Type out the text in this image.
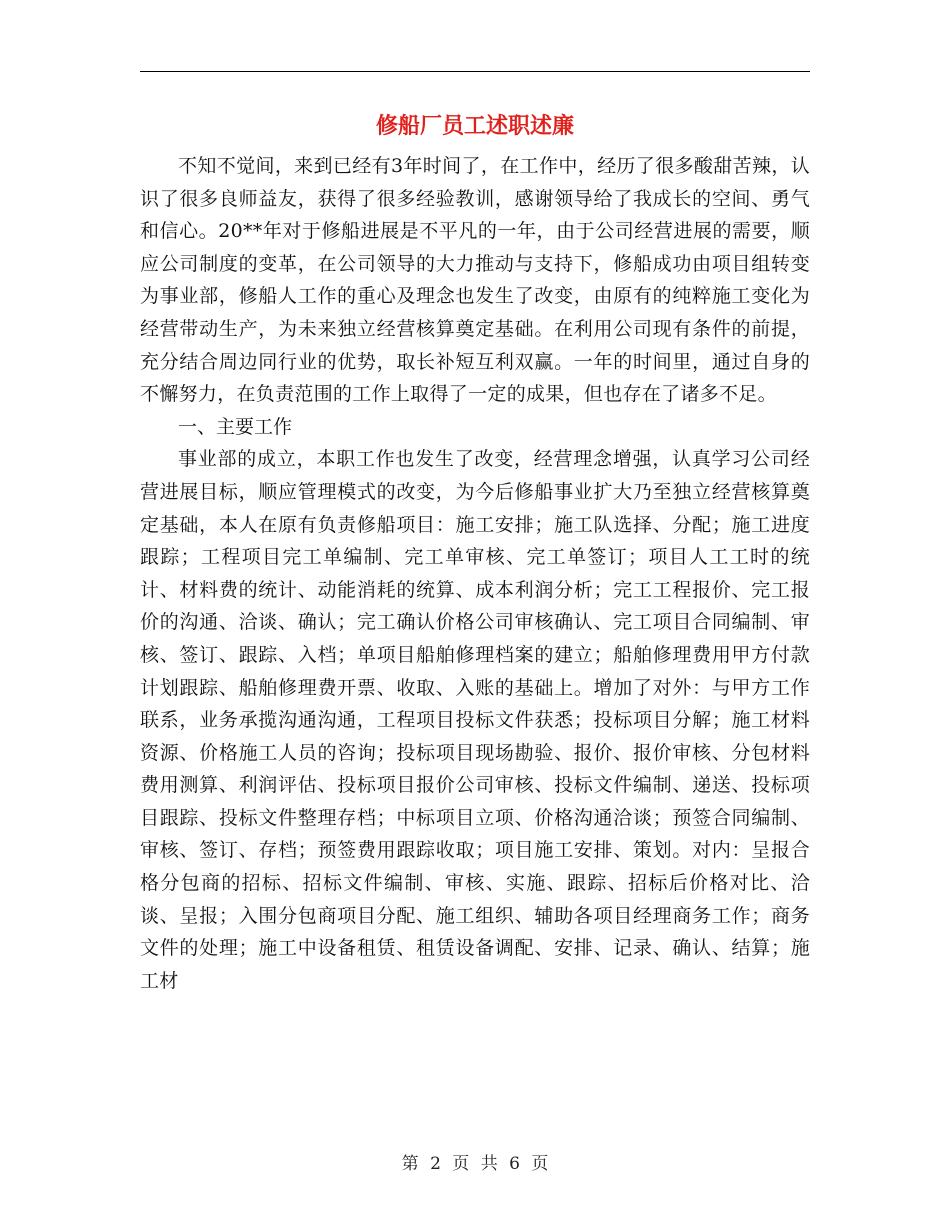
修船厂员工述职述廉

不知不觉间，来到已经有3年时间了，在工作中，经历了很多酸甜苦辣，认识了很多良师益友，获得了很多经验教训，感谢领导给了我成长的空间、勇气和信心。20**年对于修船进展是不平凡的一年，由于公司经营进展的需要，顺应公司制度的变革，在公司领导的大力推动与支持下，修船成功由项目组转变为事业部，修船人工作的重心及理念也发生了改变，由原有的纯粹施工变化为经营带动生产，为未来独立经营核算奠定基础。在利用公司现有条件的前提，充分结合周边同行业的优势，取长补短互利双赢。一年的时间里，通过自身的不懈努力，在负责范围的工作上取得了一定的成果，但也存在了诸多不足。

一、主要工作

事业部的成立，本职工作也发生了改变，经营理念增强，认真学习公司经营进展目标，顺应管理模式的改变，为今后修船事业扩大乃至独立经营核算奠定基础，本人在原有负责修船项目：施工安排；施工队选择、分配；施工进度跟踪；工程项目完工单编制、完工单审核、完工单签订；项目人工工时的统计、材料费的统计、动能消耗的统算、成本利润分析；完工工程报价、完工报价的沟通、洽谈、确认；完工确认价格公司审核确认、完工项目合同编制、审核、签订、跟踪、入档；单项目船舶修理档案的建立；船舶修理费用甲方付款计划跟踪、船舶修理费开票、收取、入账的基础上。增加了对外：与甲方工作联系，业务承揽沟通沟通，工程项目投标文件获悉；投标项目分解；施工材料资源、价格施工人员的咨询；投标项目现场勘验、报价、报价审核、分包材料费用测算、利润评估、投标项目报价公司审核、投标文件编制、递送、投标项目跟踪、投标文件整理存档；中标项目立项、价格沟通洽谈；预签合同编制、审核、签订、存档；预签费用跟踪收取；项目施工安排、策划。对内：呈报合格分包商的招标、招标文件编制、审核、实施、跟踪、招标后价格对比、洽谈、呈报；入围分包商项目分配、施工组织、辅助各项目经理商务工作；商务文件的处理；施工中设备租赁、租赁设备调配、安排、记录、确认、结算；施工材

第 2 页 共 6 页
